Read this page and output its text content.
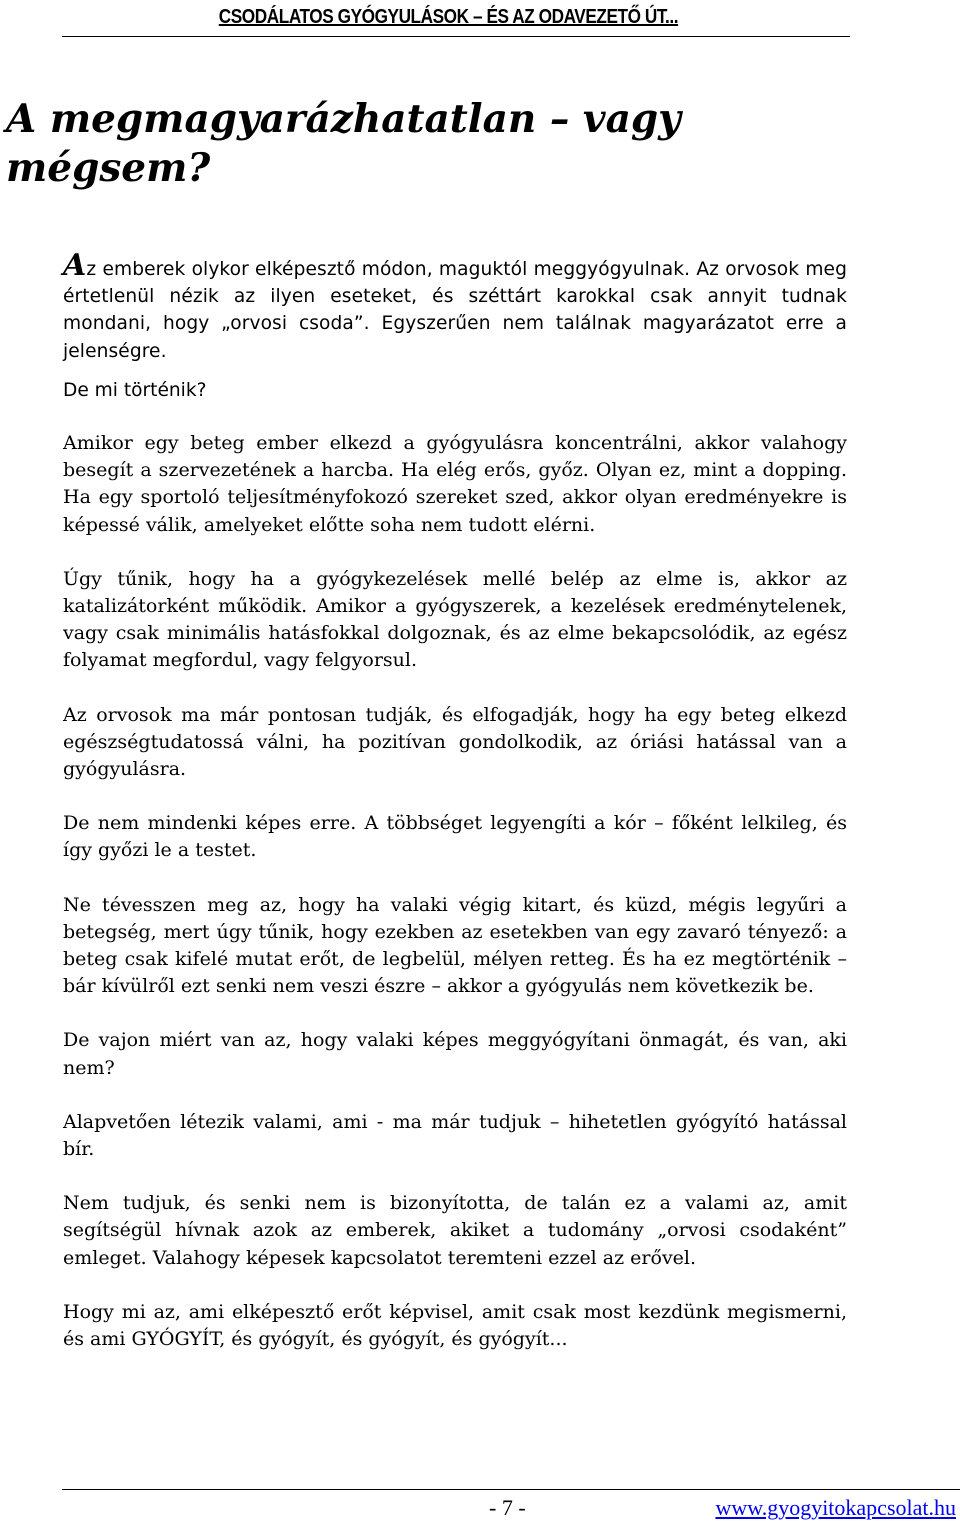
CSODÁLATOS GYÓGYULÁSOK – ÉS AZ ODAVEZETŐ ÚT...
A megmagyarázhatatlan – vagy mégsem?

Az emberek olykor elképesztő módon, maguktól meggyógyulnak. Az orvosok meg értetlenül nézik az ilyen eseteket, és széttárt karokkal csak annyit tudnak mondani, hogy „orvosi csoda”. Egyszerűen nem találnak magyarázatot erre a jelenségre.

De mi történik?

Amikor egy beteg ember elkezd a gyógyulásra koncentrálni, akkor valahogy besegít a szervezetének a harcba. Ha elég erős, győz. Olyan ez, mint a dopping. Ha egy sportoló teljesítményfokozó szereket szed, akkor olyan eredményekre is képessé válik, amelyeket előtte soha nem tudott elérni.

Úgy tűnik, hogy ha a gyógykezelések mellé belép az elme is, akkor az katalizátorként működik. Amikor a gyógyszerek, a kezelések eredménytelenek, vagy csak minimális hatásfokkal dolgoznak, és az elme bekapcsolódik, az egész folyamat megfordul, vagy felgyorsul.

Az orvosok ma már pontosan tudják, és elfogadják, hogy ha egy beteg elkezd egészségtudatossá válni, ha pozitívan gondolkodik, az óriási hatással van a gyógyulásra.

De nem mindenki képes erre. A többséget legyengíti a kór – főként lelkileg, és így győzi le a testet.

Ne tévesszen meg az, hogy ha valaki végig kitart, és küzd, mégis legyűri a betegség, mert úgy tűnik, hogy ezekben az esetekben van egy zavaró tényező: a beteg csak kifelé mutat erőt, de legbelül, mélyen retteg. És ha ez megtörténik – bár kívülről ezt senki nem veszi észre – akkor a gyógyulás nem következik be.

De vajon miért van az, hogy valaki képes meggyógyítani önmagát, és van, aki nem?

Alapvetően létezik valami, ami - ma már tudjuk – hihetetlen gyógyító hatással bír.

Nem tudjuk, és senki nem is bizonyította, de talán ez a valami az, amit segítségül hívnak azok az emberek, akiket a tudomány „orvosi csodaként” emleget. Valahogy képesek kapcsolatot teremteni ezzel az erővel.

Hogy mi az, ami elképesztő erőt képvisel, amit csak most kezdünk megismerni, és ami GYÓGYÍT, és gyógyít, és gyógyít, és gyógyít...

- 7 -	www.gyogyitokapcsolat.hu
